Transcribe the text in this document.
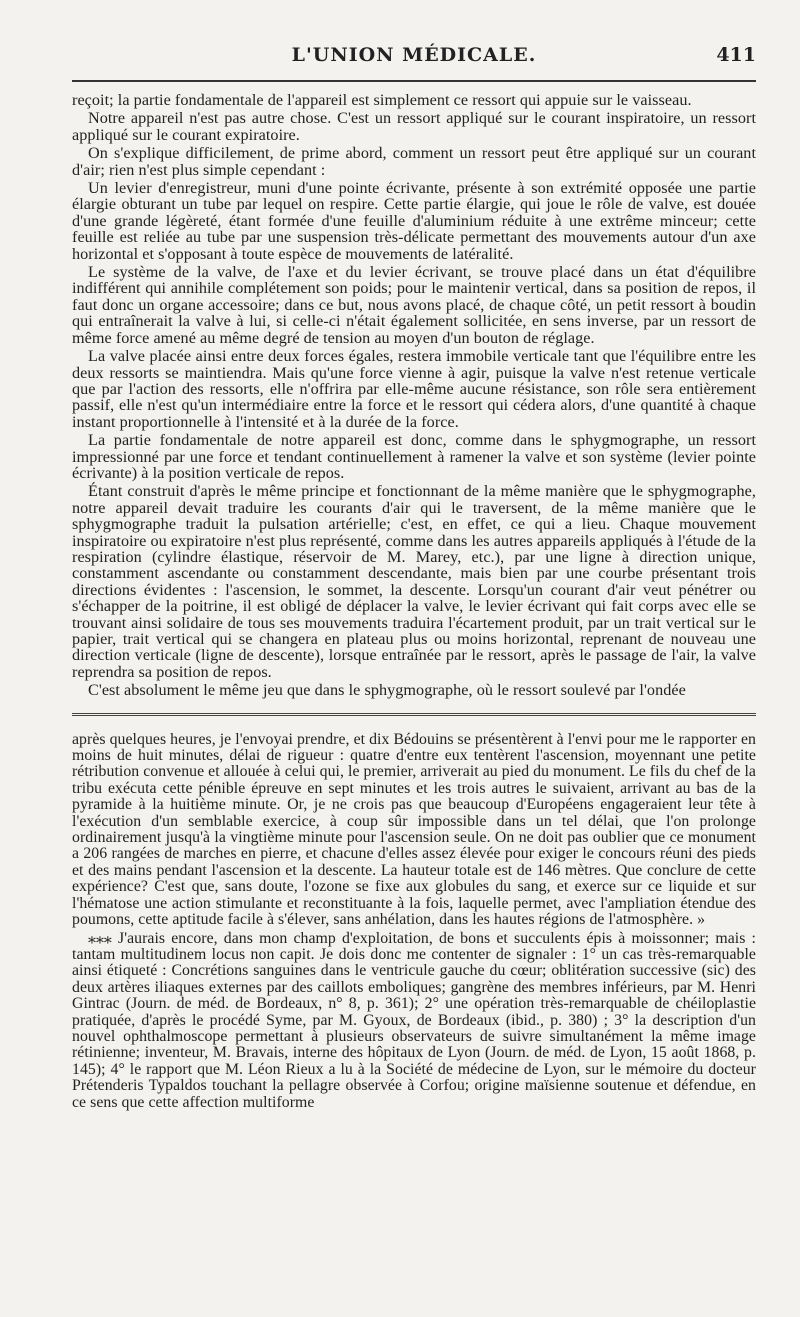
L'UNION MÉDICALE.	411

reçoit; la partie fondamentale de l'appareil est simplement ce ressort qui appuie sur le vaisseau.

Notre appareil n'est pas autre chose. C'est un ressort appliqué sur le courant inspiratoire, un ressort appliqué sur le courant expiratoire.

On s'explique difficilement, de prime abord, comment un ressort peut être appliqué sur un courant d'air; rien n'est plus simple cependant :

Un levier d'enregistreur, muni d'une pointe écrivante, présente à son extrémité opposée une partie élargie obturant un tube par lequel on respire. Cette partie élargie, qui joue le rôle de valve, est douée d'une grande légèreté, étant formée d'une feuille d'aluminium réduite à une extrême minceur; cette feuille est reliée au tube par une suspension très-délicate permettant des mouvements autour d'un axe horizontal et s'opposant à toute espèce de mouvements de latéralité.

Le système de la valve, de l'axe et du levier écrivant, se trouve placé dans un état d'équilibre indifférent qui annihile complétement son poids; pour le maintenir vertical, dans sa position de repos, il faut donc un organe accessoire; dans ce but, nous avons placé, de chaque côté, un petit ressort à boudin qui entraînerait la valve à lui, si celle-ci n'était également sollicitée, en sens inverse, par un ressort de même force amené au même degré de tension au moyen d'un bouton de réglage.

La valve placée ainsi entre deux forces égales, restera immobile verticale tant que l'équilibre entre les deux ressorts se maintiendra. Mais qu'une force vienne à agir, puisque la valve n'est retenue verticale que par l'action des ressorts, elle n'offrira par elle-même aucune résistance, son rôle sera entièrement passif, elle n'est qu'un intermédiaire entre la force et le ressort qui cédera alors, d'une quantité à chaque instant proportionnelle à l'intensité et à la durée de la force.

La partie fondamentale de notre appareil est donc, comme dans le sphygmographe, un ressort impressionné par une force et tendant continuellement à ramener la valve et son système (levier pointe écrivante) à la position verticale de repos.

Étant construit d'après le même principe et fonctionnant de la même manière que le sphygmographe, notre appareil devait traduire les courants d'air qui le traversent, de la même manière que le sphygmographe traduit la pulsation artérielle; c'est, en effet, ce qui a lieu. Chaque mouvement inspiratoire ou expiratoire n'est plus représenté, comme dans les autres appareils appliqués à l'étude de la respiration (cylindre élastique, réservoir de M. Marey, etc.), par une ligne à direction unique, constamment ascendante ou constamment descendante, mais bien par une courbe présentant trois directions évidentes : l'ascension, le sommet, la descente. Lorsqu'un courant d'air veut pénétrer ou s'échapper de la poitrine, il est obligé de déplacer la valve, le levier écrivant qui fait corps avec elle se trouvant ainsi solidaire de tous ses mouvements traduira l'écartement produit, par un trait vertical sur le papier, trait vertical qui se changera en plateau plus ou moins horizontal, reprenant de nouveau une direction verticale (ligne de descente), lorsque entraînée par le ressort, après le passage de l'air, la valve reprendra sa position de repos.

C'est absolument le même jeu que dans le sphygmographe, où le ressort soulevé par l'ondée

après quelques heures, je l'envoyai prendre, et dix Bédouins se présentèrent à l'envi pour me le rapporter en moins de huit minutes, délai de rigueur : quatre d'entre eux tentèrent l'ascension, moyennant une petite rétribution convenue et allouée à celui qui, le premier, arriverait au pied du monument. Le fils du chef de la tribu exécuta cette pénible épreuve en sept minutes et les trois autres le suivaient, arrivant au bas de la pyramide à la huitième minute. Or, je ne crois pas que beaucoup d'Européens engageraient leur tête à l'exécution d'un semblable exercice, à coup sûr impossible dans un tel délai, que l'on prolonge ordinairement jusqu'à la vingtième minute pour l'ascension seule. On ne doit pas oublier que ce monument a 206 rangées de marches en pierre, et chacune d'elles assez élevée pour exiger le concours réuni des pieds et des mains pendant l'ascension et la descente. La hauteur totale est de 146 mètres. Que conclure de cette expérience? C'est que, sans doute, l'ozone se fixe aux globules du sang, et exerce sur ce liquide et sur l'hématose une action stimulante et reconstituante à la fois, laquelle permet, avec l'ampliation étendue des poumons, cette aptitude facile à s'élever, sans anhélation, dans les hautes régions de l'atmosphère. »

⁎⁎⁎ J'aurais encore, dans mon champ d'exploitation, de bons et succulents épis à moissonner; mais : tantam multitudinem locus non capit. Je dois donc me contenter de signaler : 1° un cas très-remarquable ainsi étiqueté : Concrétions sanguines dans le ventricule gauche du cœur; oblitération successive (sic) des deux artères iliaques externes par des caillots emboliques; gangrène des membres inférieurs, par M. Henri Gintrac (Journ. de méd. de Bordeaux, n° 8, p. 361); 2° une opération très-remarquable de chéiloplastie pratiquée, d'après le procédé Syme, par M. Gyoux, de Bordeaux (ibid., p. 380) ; 3° la description d'un nouvel ophthalmoscope permettant à plusieurs observateurs de suivre simultanément la même image rétinienne; inventeur, M. Bravais, interne des hôpitaux de Lyon (Journ. de méd. de Lyon, 15 août 1868, p. 145); 4° le rapport que M. Léon Rieux a lu à la Société de médecine de Lyon, sur le mémoire du docteur Prétenderis Typaldos touchant la pellagre observée à Corfou; origine maïsienne soutenue et défendue, en ce sens que cette affection multiforme
